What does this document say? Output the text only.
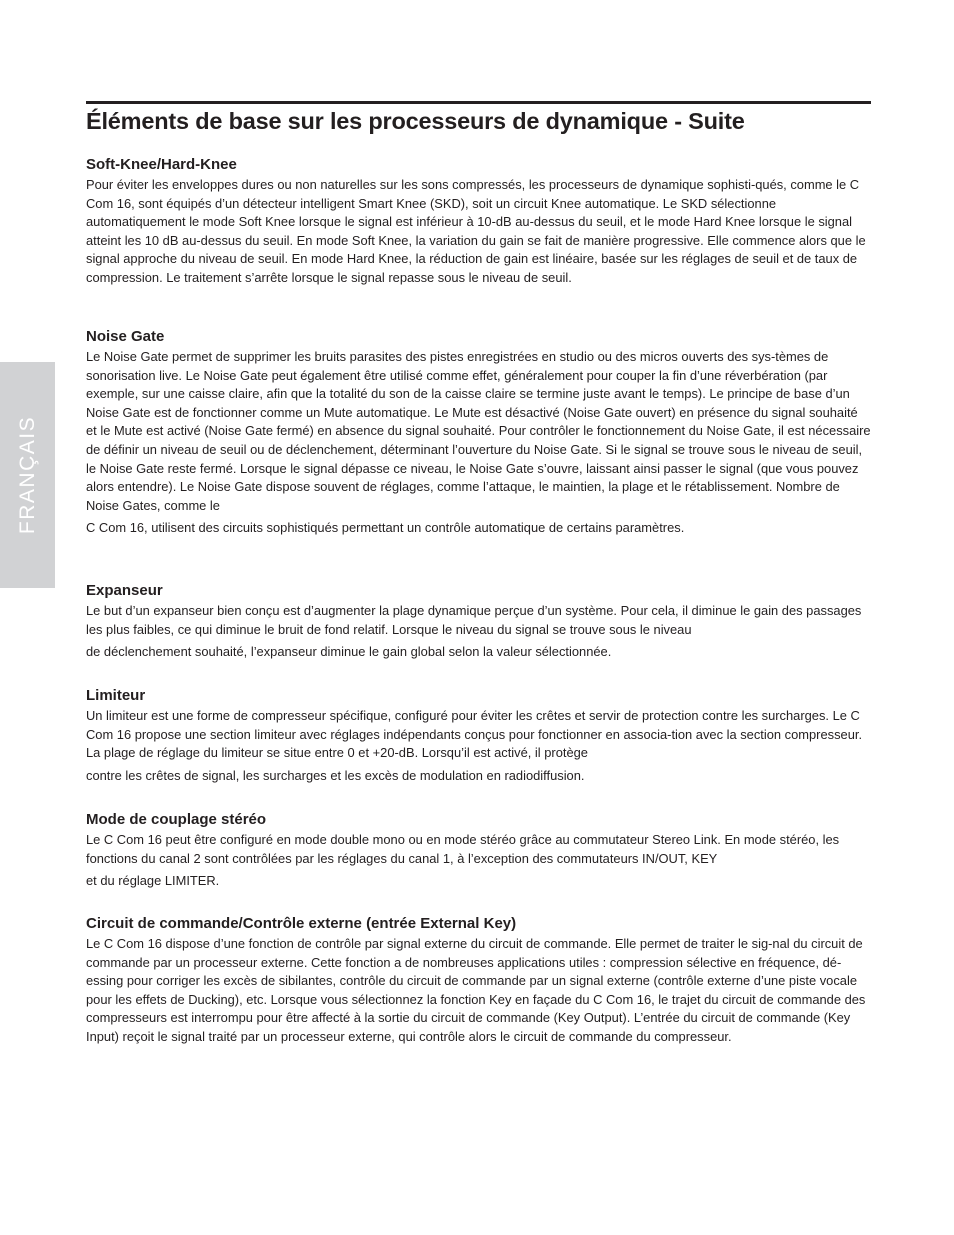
FRANÇAIS
Éléments de base sur les processeurs de dynamique - Suite
Soft-Knee/Hard-Knee

Pour éviter les enveloppes dures ou non naturelles sur les sons compressés, les processeurs de dynamique sophisti-qués, comme le C Com 16, sont équipés d’un détecteur intelligent Smart Knee (SKD), soit un circuit Knee automatique. Le SKD sélectionne automatiquement le mode Soft Knee lorsque le signal est inférieur à 10-dB au-dessus du seuil, et le mode Hard Knee lorsque le signal atteint les 10 dB au-dessus du seuil. En mode Soft Knee, la variation du gain se fait de manière progressive. Elle commence alors que le signal approche du niveau de seuil. En mode Hard Knee, la réduction de gain est linéaire, basée sur les réglages de seuil et de taux de compression. Le traitement s’arrête lorsque le signal repasse sous le niveau de seuil.

Noise Gate

Le Noise Gate permet de supprimer les bruits parasites des pistes enregistrées en studio ou des micros ouverts des sys-tèmes de sonorisation live. Le Noise Gate peut également être utilisé comme effet, généralement pour couper la fin d’une réverbération (par exemple, sur une caisse claire, afin que la totalité du son de la caisse claire se termine juste avant le temps). Le principe de base d’un Noise Gate est de fonctionner comme un Mute automatique. Le Mute est désactivé (Noise Gate ouvert) en présence du signal souhaité et le Mute est activé (Noise Gate fermé) en absence du signal souhaité. Pour contrôler le fonctionnement du Noise Gate, il est nécessaire de définir un niveau de seuil ou de déclenchement, déterminant l’ouverture du Noise Gate. Si le signal se trouve sous le niveau de seuil, le Noise Gate reste fermé. Lorsque le signal dépasse ce niveau, le Noise Gate s’ouvre, laissant ainsi passer le signal (que vous pouvez alors entendre). Le Noise Gate dispose souvent de réglages, comme l’attaque, le maintien, la plage et le rétablissement. Nombre de Noise Gates, comme le

C Com 16, utilisent des circuits sophistiqués permettant un contrôle automatique de certains paramètres.

Expanseur

Le but d’un expanseur bien conçu est d’augmenter la plage dynamique perçue d’un système. Pour cela, il diminue le gain des passages les plus faibles, ce qui diminue le bruit de fond relatif. Lorsque le niveau du signal se trouve sous le niveau

de déclenchement souhaité, l’expanseur diminue le gain global selon la valeur sélectionnée.

Limiteur

Un limiteur est une forme de compresseur spécifique, configuré pour éviter les crêtes et servir de protection contre les surcharges. Le C Com 16 propose une section limiteur avec réglages indépendants conçus pour fonctionner en associa-tion avec la section compresseur. La plage de réglage du limiteur se situe entre 0 et +20-dB. Lorsqu’il est activé, il protège

contre les crêtes de signal, les surcharges et les excès de modulation en radiodiffusion.

Mode de couplage stéréo

Le C Com 16 peut être configuré en mode double mono ou en mode stéréo grâce au commutateur Stereo Link. En mode stéréo, les fonctions du canal 2 sont contrôlées par les réglages du canal 1, à l’exception des commutateurs IN/OUT, KEY

et du réglage LIMITER.

Circuit de commande/Contrôle externe (entrée External Key)

Le C Com 16 dispose d’une fonction de contrôle par signal externe du circuit de commande. Elle permet de traiter le sig-nal du circuit de commande par un processeur externe. Cette fonction a de nombreuses applications utiles : compression sélective en fréquence, dé-essing pour corriger les excès de sibilantes, contrôle du circuit de commande par un signal externe (contrôle externe d’une piste vocale pour les effets de Ducking), etc. Lorsque vous sélectionnez la fonction Key en façade du C Com 16, le trajet du circuit de commande des compresseurs est interrompu pour être affecté à la sortie du circuit de commande (Key Output). L’entrée du circuit de commande (Key Input) reçoit le signal traité par un processeur externe, qui contrôle alors le circuit de commande du compresseur.
